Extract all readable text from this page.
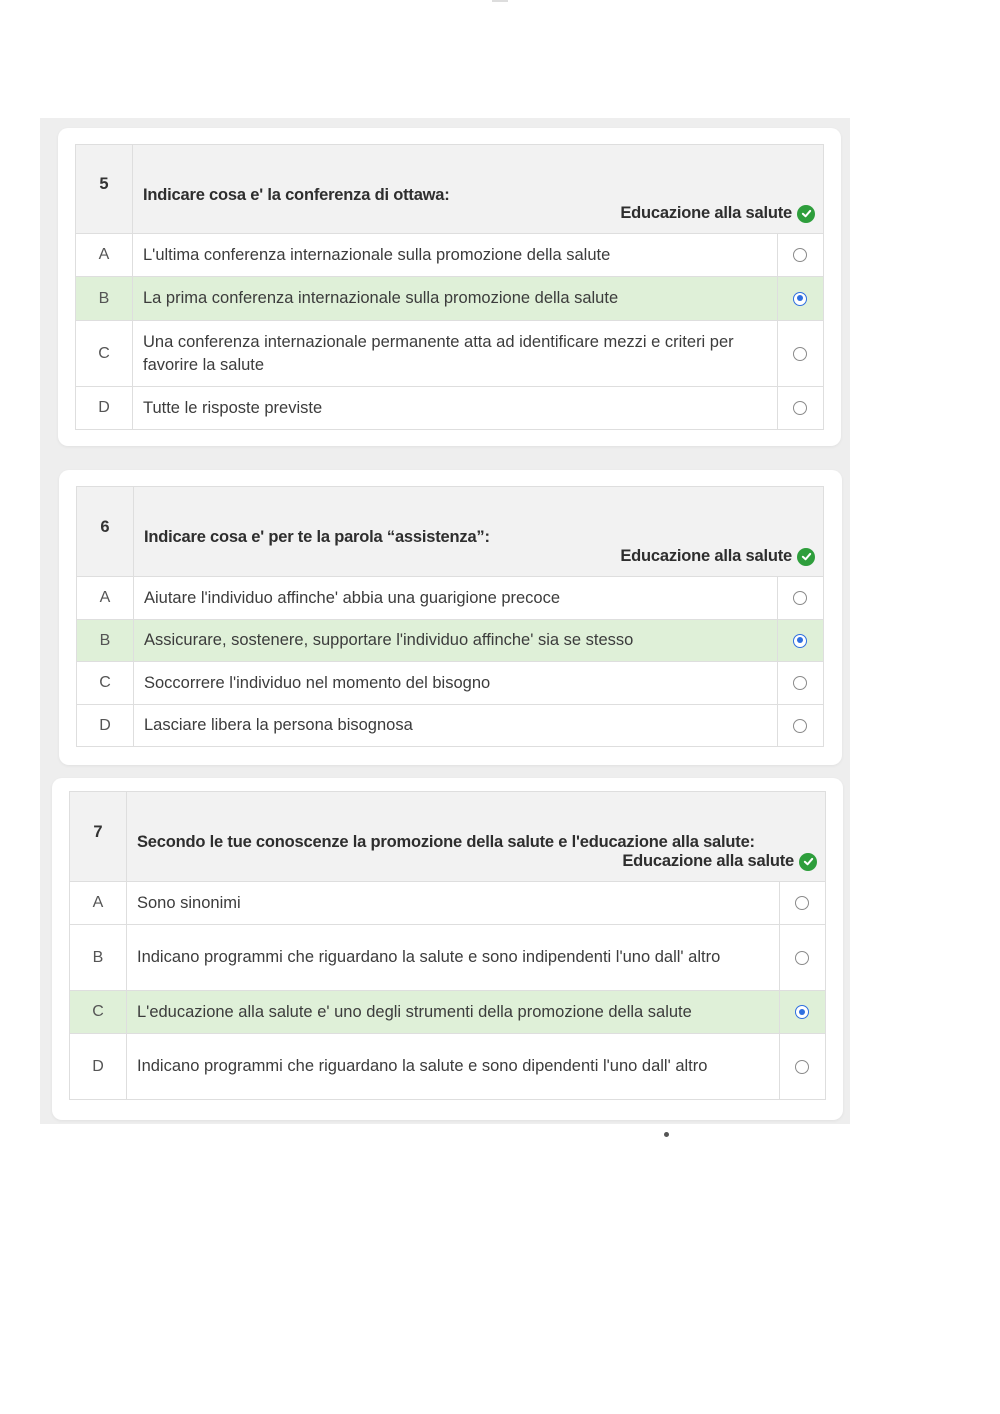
5	Indicare cosa e' la conferenza di ottawa:
Educazione alla salute	

A	L'ultima conferenza internazionale sulla promozione della salute	
B	La prima conferenza internazionale sulla promozione della salute	
C	Una conferenza internazionale permanente atta ad identificare mezzi e criteri per favorire la salute	
D	Tutte le risposte previste	
6	Indicare cosa e' per te la parola “assistenza”:
Educazione alla salute	

A	Aiutare l'individuo affinche' abbia una guarigione precoce	
B	Assicurare, sostenere, supportare l'individuo affinche' sia se stesso	
C	Soccorrere l'individuo nel momento del bisogno	
D	Lasciare libera la persona bisognosa	
7	Secondo le tue conoscenze la promozione della salute e l'educazione alla salute:
Educazione alla salute	

A	Sono sinonimi	
B	Indicano programmi che riguardano la salute e sono indipendenti l'uno dall' altro	
C	L'educazione alla salute e' uno degli strumenti della promozione della salute	
D	Indicano programmi che riguardano la salute e sono dipendenti l'uno dall' altro	
